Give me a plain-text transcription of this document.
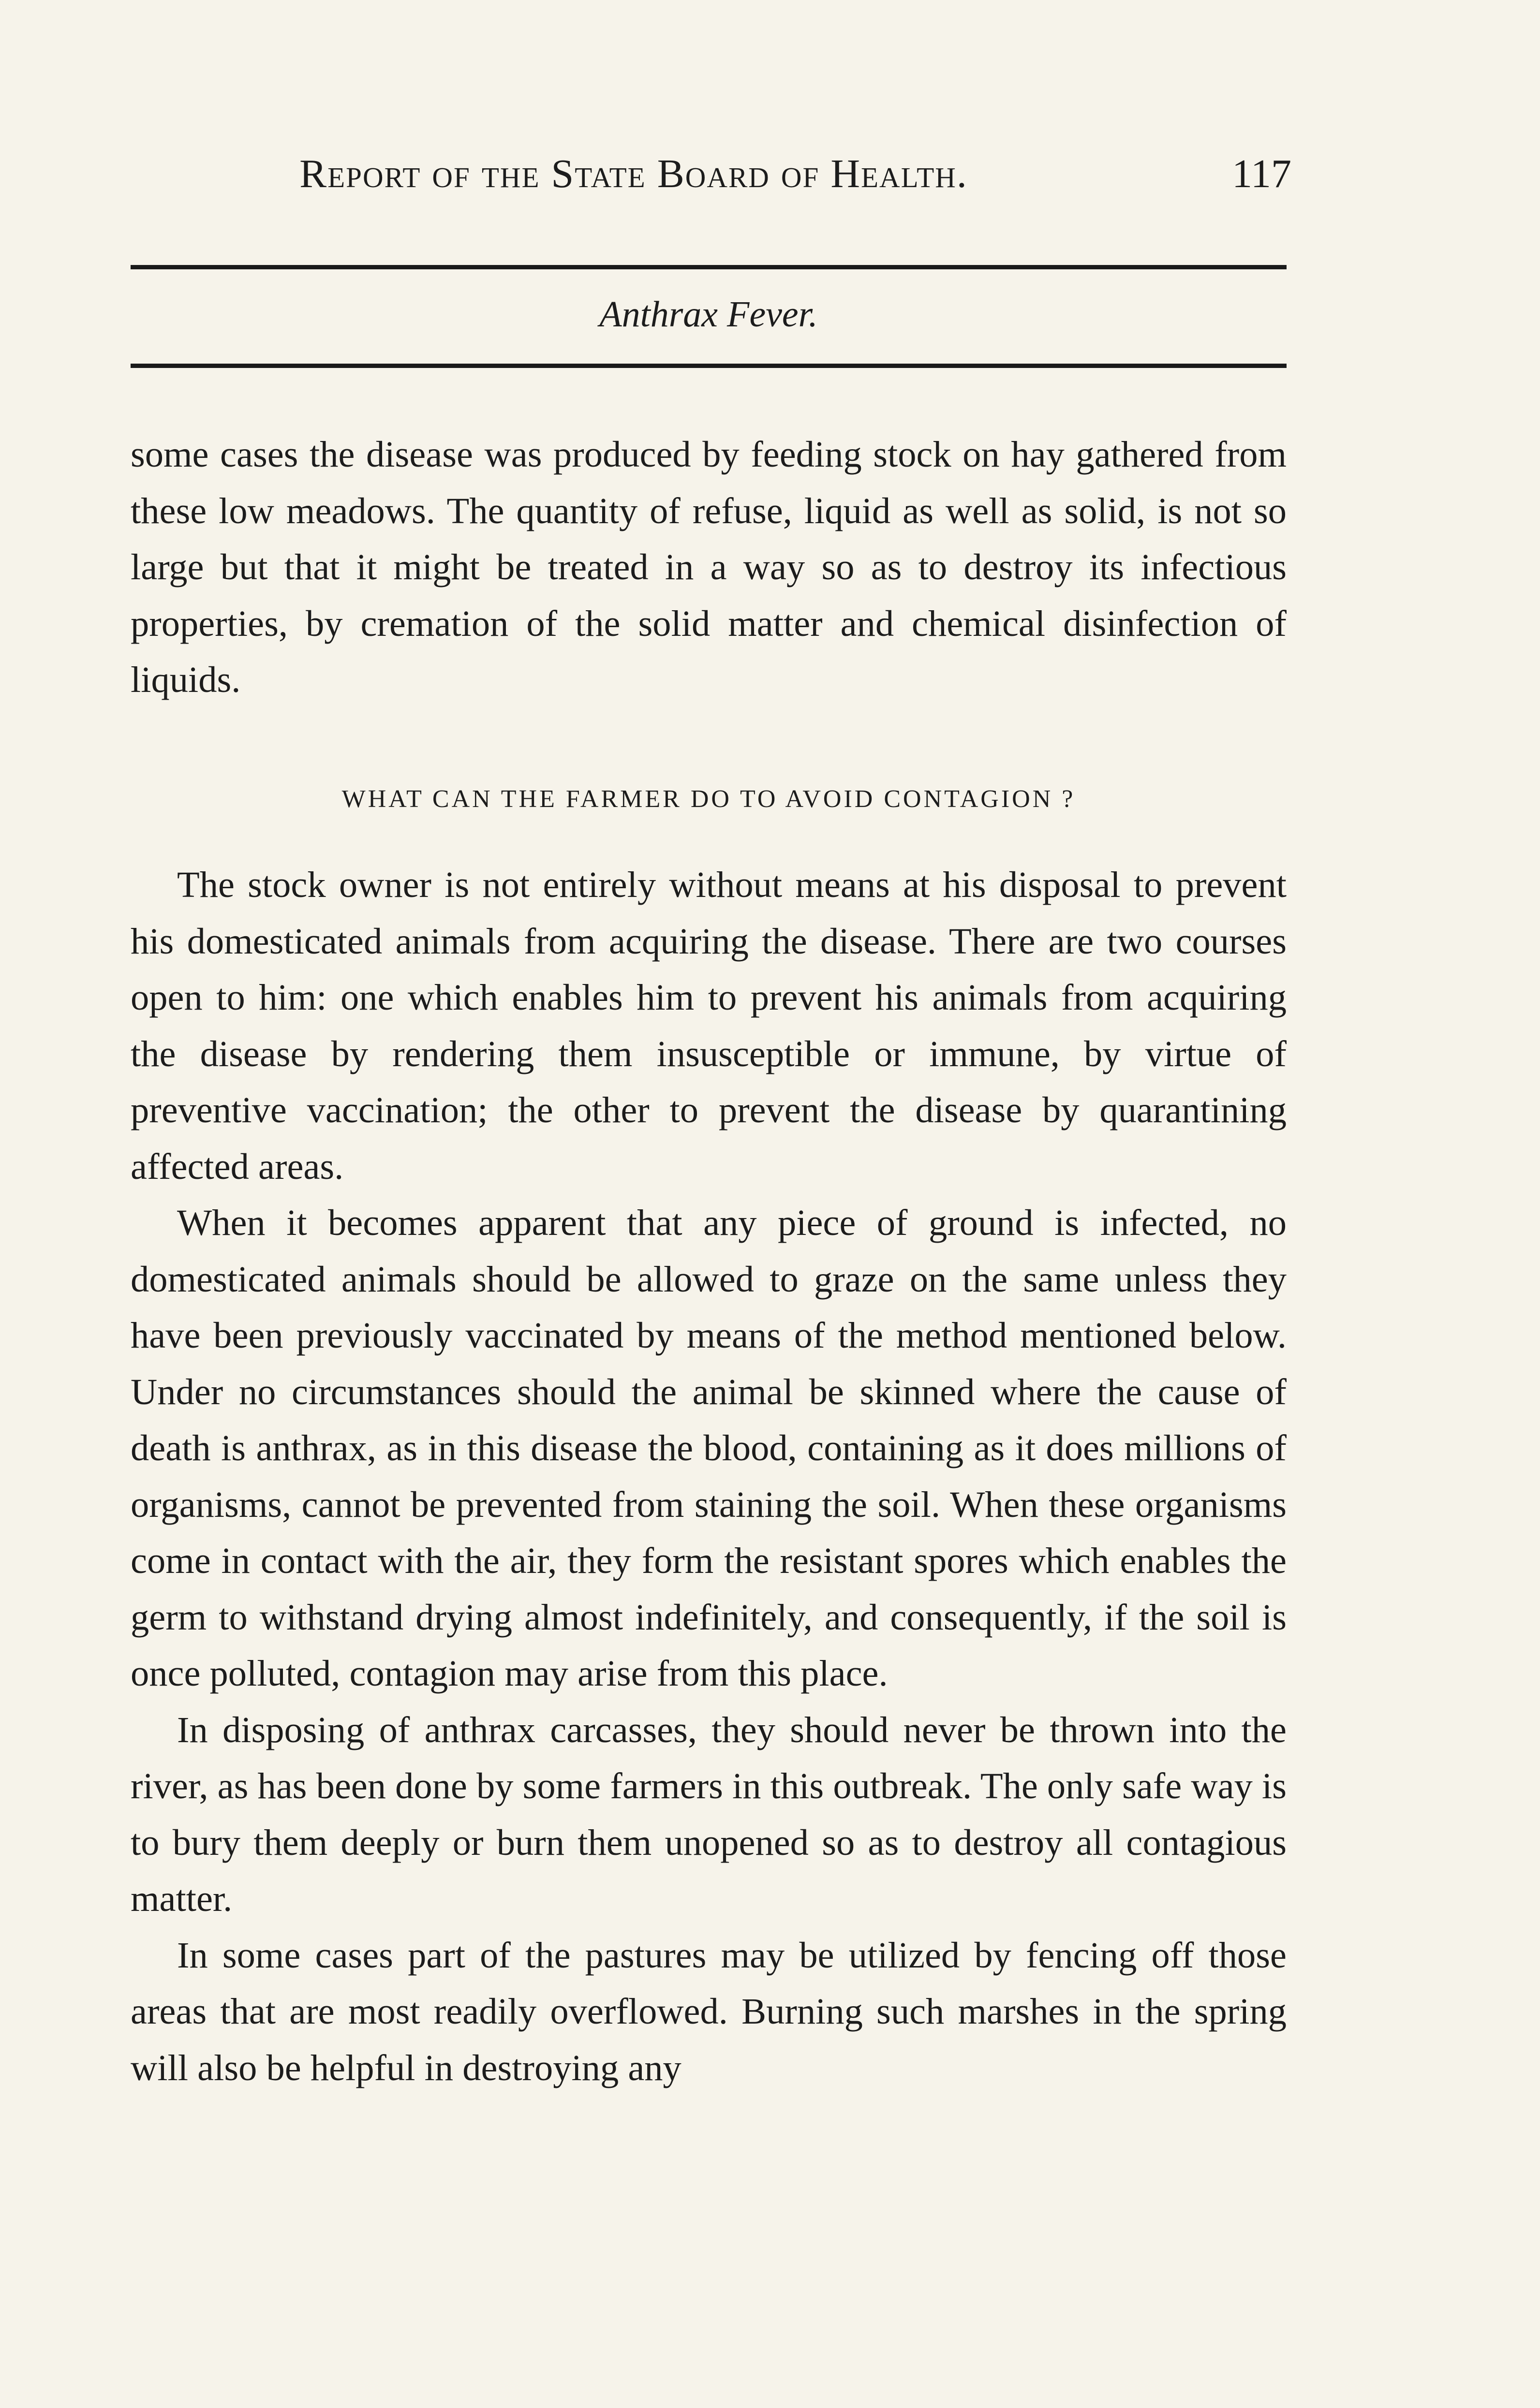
Report of the State Board of Health.	117
Anthrax Fever.

some cases the disease was produced by feeding stock on hay gathered from these low meadows. The quantity of refuse, liquid as well as solid, is not so large but that it might be treated in a way so as to destroy its infectious properties, by cremation of the solid matter and chemical disinfection of liquids.

WHAT CAN THE FARMER DO TO AVOID CONTAGION ?

The stock owner is not entirely without means at his disposal to prevent his domesticated animals from acquiring the disease. There are two courses open to him: one which enables him to prevent his animals from acquiring the disease by rendering them insusceptible or immune, by virtue of preventive vaccination; the other to prevent the disease by quarantining affected areas.

When it becomes apparent that any piece of ground is infected, no domesticated animals should be allowed to graze on the same unless they have been previously vaccinated by means of the method mentioned below. Under no circumstances should the animal be skinned where the cause of death is anthrax, as in this disease the blood, containing as it does millions of organisms, cannot be prevented from staining the soil. When these organisms come in contact with the air, they form the resistant spores which enables the germ to withstand drying almost indefinitely, and consequently, if the soil is once polluted, contagion may arise from this place.

In disposing of anthrax carcasses, they should never be thrown into the river, as has been done by some farmers in this outbreak. The only safe way is to bury them deeply or burn them unopened so as to destroy all contagious matter.

In some cases part of the pastures may be utilized by fencing off those areas that are most readily overflowed. Burning such marshes in the spring will also be helpful in destroying any
